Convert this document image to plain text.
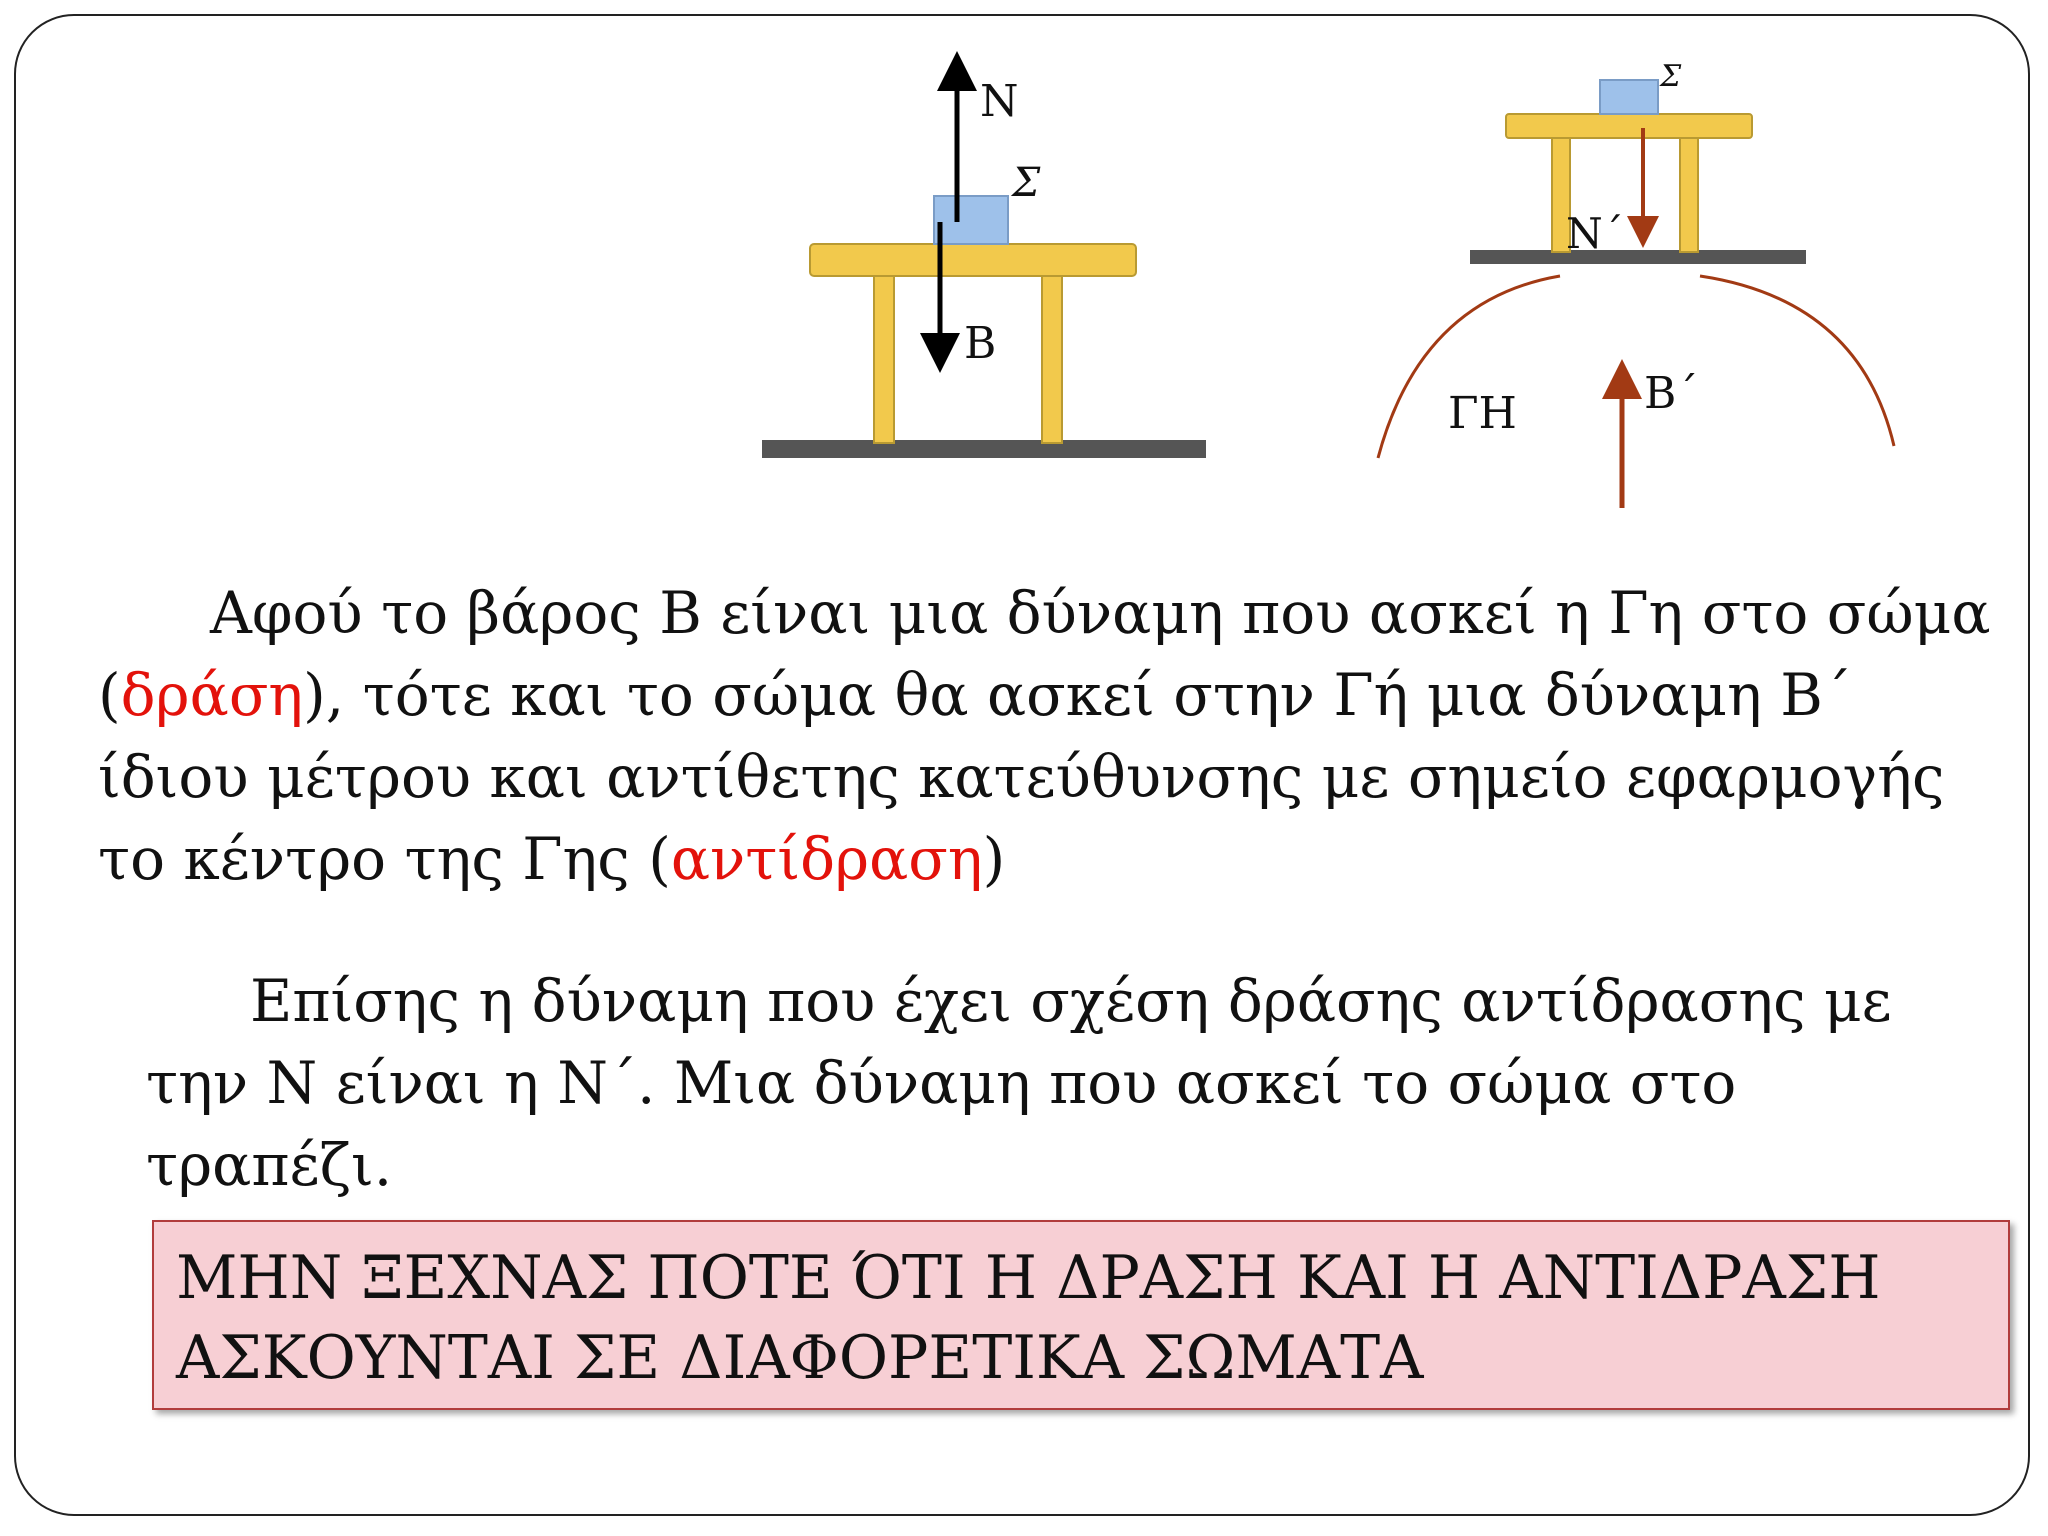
Σ
N
B
Σ
N΄
ΓΗ	B΄

Αφού το βάρος Β είναι μια δύναμη που ασκεί η Γη στο σώμα (δράση), τότε και το σώμα θα ασκεί στην Γή μια δύναμη Β΄ ίδιου μέτρου και αντίθετης κατεύθυνσης με σημείο εφαρμογής το κέντρο της Γης (αντίδραση)

Επίσης η δύναμη που έχει σχέση δράσης αντίδρασης με την Ν είναι η Ν΄. Μια δύναμη που ασκεί το σώμα στο τραπέζι.

ΜΗΝ ΞΕΧΝΑΣ ΠΟΤΕ ΌΤΙ Η ΔΡΑΣΗ ΚΑΙ Η ΑΝΤΙΔΡΑΣΗ
ΑΣΚΟΥΝΤΑΙ ΣΕ ΔΙΑΦΟΡΕΤΙΚΑ ΣΩΜΑΤΑ
